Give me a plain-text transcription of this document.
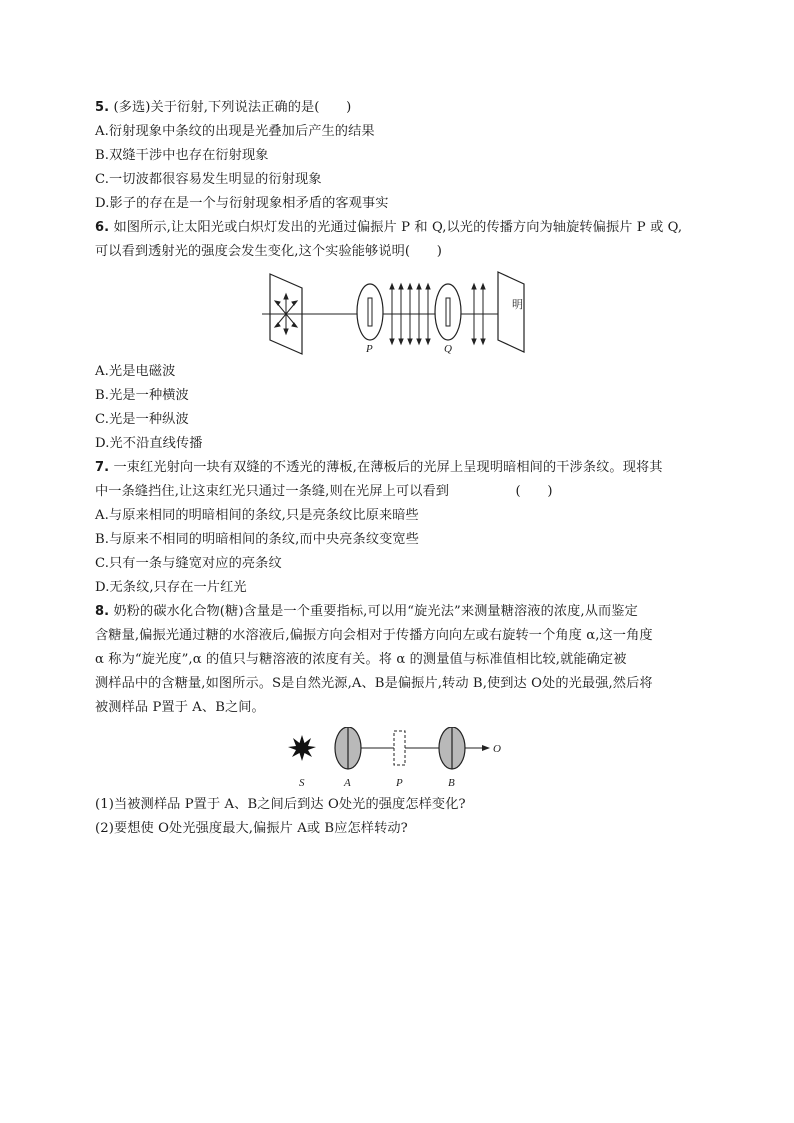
5. (多选)关于衍射,下列说法正确的是(　　)
A.衍射现象中条纹的出现是光叠加后产生的结果
B.双缝干涉中也存在衍射现象
C.一切波都很容易发生明显的衍射现象
D.影子的存在是一个与衍射现象相矛盾的客观事实
6. 如图所示,让太阳光或白炽灯发出的光通过偏振片 P 和 Q,以光的传播方向为轴旋转偏振片 P 或 Q,
可以看到透射光的强度会发生变化,这个实验能够说明(　　)
明
P	Q
A.光是电磁波
B.光是一种横波
C.光是一种纵波
D.光不沿直线传播
7. 一束红光射向一块有双缝的不透光的薄板,在薄板后的光屏上呈现明暗相间的干涉条纹。现将其
中一条缝挡住,让这束红光只通过一条缝,则在光屏上可以看到　　　　　(　　)
A.与原来相同的明暗相间的条纹,只是亮条纹比原来暗些
B.与原来不相同的明暗相间的条纹,而中央亮条纹变宽些
C.只有一条与缝宽对应的亮条纹
D.无条纹,只存在一片红光
8. 奶粉的碳水化合物(糖)含量是一个重要指标,可以用“旋光法”来测量糖溶液的浓度,从而鉴定
含糖量,偏振光通过糖的水溶液后,偏振方向会相对于传播方向向左或右旋转一个角度 α,这一角度
α 称为“旋光度”,α 的值只与糖溶液的浓度有关。将 α 的测量值与标准值相比较,就能确定被
测样品中的含糖量,如图所示。S是自然光源,A、B是偏振片,转动 B,使到达 O处的光最强,然后将
被测样品 P置于 A、B之间。
S	A	P	B
O
(1)当被测样品 P置于 A、B之间后到达 O处光的强度怎样变化?
(2)要想使 O处光强度最大,偏振片 A或 B应怎样转动?
